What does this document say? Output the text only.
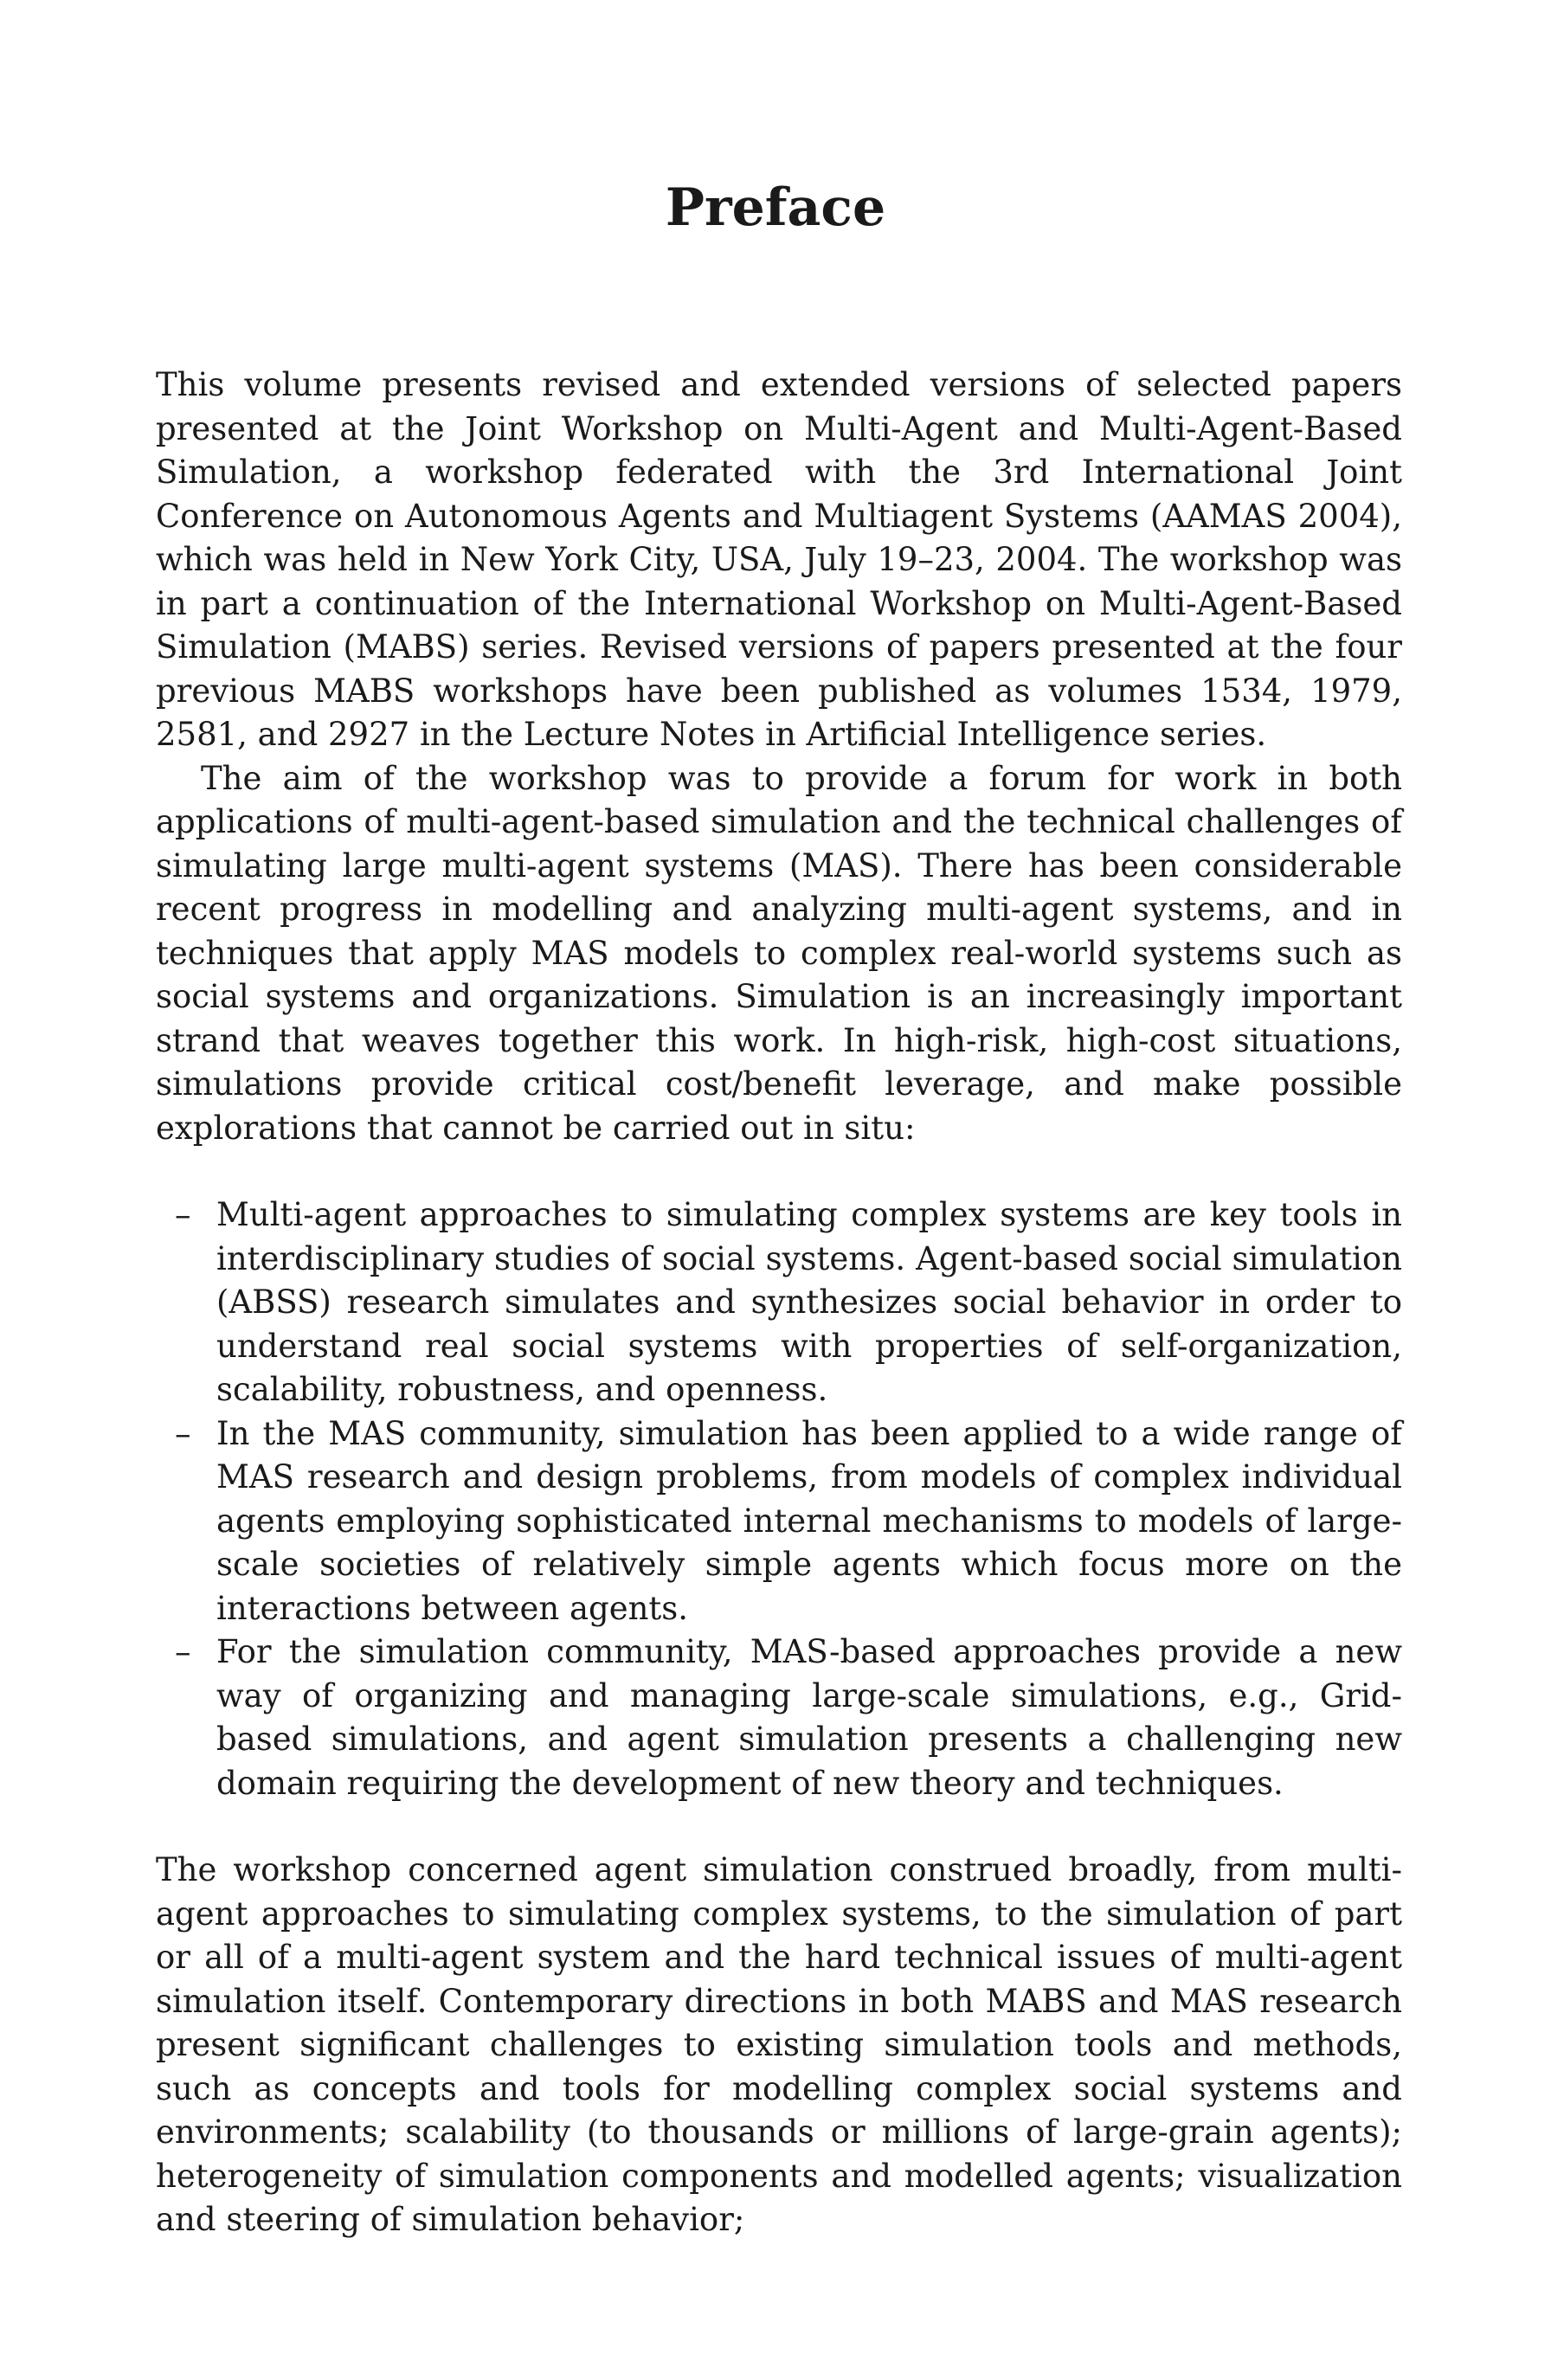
Preface

This volume presents revised and extended versions of selected papers presented at the Joint Workshop on Multi-Agent and Multi-Agent-Based Simulation, a workshop federated with the 3rd International Joint Conference on Autonomous Agents and Multiagent Systems (AAMAS 2004), which was held in New York City, USA, July 19–23, 2004. The workshop was in part a continuation of the International Workshop on Multi-Agent-Based Simulation (MABS) series. Revised versions of papers presented at the four previous MABS workshops have been published as volumes 1534, 1979, 2581, and 2927 in the Lecture Notes in Artificial Intelligence series.

The aim of the workshop was to provide a forum for work in both applications of multi-agent-based simulation and the technical challenges of simulating large multi-agent systems (MAS). There has been considerable recent progress in modelling and analyzing multi-agent systems, and in techniques that apply MAS models to complex real-world systems such as social systems and organizations. Simulation is an increasingly important strand that weaves together this work. In high-risk, high-cost situations, simulations provide critical cost/benefit leverage, and make possible explorations that cannot be carried out in situ:

– Multi-agent approaches to simulating complex systems are key tools in interdisciplinary studies of social systems. Agent-based social simulation (ABSS) research simulates and synthesizes social behavior in order to understand real social systems with properties of self-organization, scalability, robustness, and openness.
– In the MAS community, simulation has been applied to a wide range of MAS research and design problems, from models of complex individual agents employing sophisticated internal mechanisms to models of large-scale societies of relatively simple agents which focus more on the interactions between agents.
– For the simulation community, MAS-based approaches provide a new way of organizing and managing large-scale simulations, e.g., Grid-based simulations, and agent simulation presents a challenging new domain requiring the development of new theory and techniques.

The workshop concerned agent simulation construed broadly, from multi-agent approaches to simulating complex systems, to the simulation of part or all of a multi-agent system and the hard technical issues of multi-agent simulation itself. Contemporary directions in both MABS and MAS research present significant challenges to existing simulation tools and methods, such as concepts and tools for modelling complex social systems and environments; scalability (to thousands or millions of large-grain agents); heterogeneity of simulation components and modelled agents; visualization and steering of simulation behavior;
